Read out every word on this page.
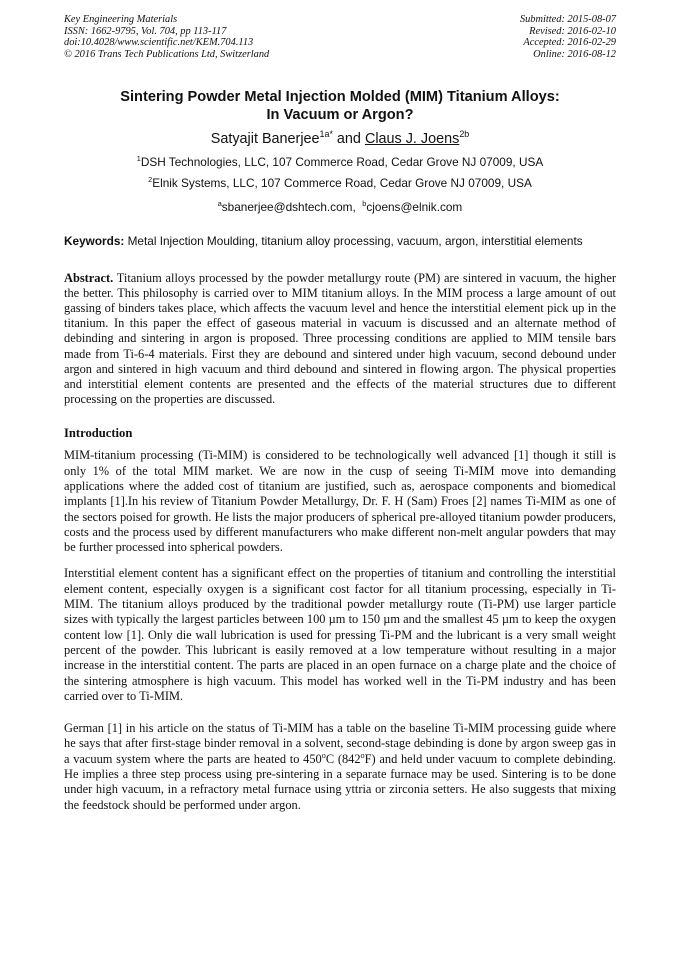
Key Engineering Materials
ISSN: 1662-9795, Vol. 704, pp 113-117
doi:10.4028/www.scientific.net/KEM.704.113
© 2016 Trans Tech Publications Ltd, Switzerland
Submitted: 2015-08-07
Revised: 2016-02-10
Accepted: 2016-02-29
Online: 2016-08-12
Sintering Powder Metal Injection Molded (MIM) Titanium Alloys:
In Vacuum or Argon?
Satyajit Banerjee$^{1a*}$ and Claus J. Joens$^{2b}$
$^1$DSH Technologies, LLC, 107 Commerce Road, Cedar Grove NJ 07009, USA
$^2$Elnik Systems, LLC, 107 Commerce Road, Cedar Grove NJ 07009, USA
$^a$sbanerjee@dshtech.com, $^b$cjoens@elnik.com
Keywords: Metal Injection Moulding, titanium alloy processing, vacuum, argon, interstitial elements
Abstract. Titanium alloys processed by the powder metallurgy route (PM) are sintered in vacuum, the higher the better. This philosophy is carried over to MIM titanium alloys. In the MIM process a large amount of out gassing of binders takes place, which affects the vacuum level and hence the interstitial element pick up in the titanium. In this paper the effect of gaseous material in vacuum is discussed and an alternate method of debinding and sintering in argon is proposed. Three processing conditions are applied to MIM tensile bars made from Ti-6-4 materials. First they are debound and sintered under high vacuum, second debound under argon and sintered in high vacuum and third debound and sintered in flowing argon. The physical properties and interstitial element contents are presented and the effects of the material structures due to different processing on the properties are discussed.
Introduction
MIM-titanium processing (Ti-MIM) is considered to be technologically well advanced [1] though it still is only 1% of the total MIM market. We are now in the cusp of seeing Ti-MIM move into demanding applications where the added cost of titanium are justified, such as, aerospace components and biomedical implants [1].In his review of Titanium Powder Metallurgy, Dr. F. H (Sam) Froes [2] names Ti-MIM as one of the sectors poised for growth. He lists the major producers of spherical pre-alloyed titanium powder producers, costs and the process used by different manufacturers who make different non-melt angular powders that may be further processed into spherical powders.
Interstitial element content has a significant effect on the properties of titanium and controlling the interstitial element content, especially oxygen is a significant cost factor for all titanium processing, especially in Ti-MIM. The titanium alloys produced by the traditional powder metallurgy route (Ti-PM) use larger particle sizes with typically the largest particles between 100 µm to 150 µm and the smallest 45 µm to keep the oxygen content low [1]. Only die wall lubrication is used for pressing Ti-PM and the lubricant is a very small weight percent of the powder. This lubricant is easily removed at a low temperature without resulting in a major increase in the interstitial content. The parts are placed in an open furnace on a charge plate and the choice of the sintering atmosphere is high vacuum. This model has worked well in the Ti-PM industry and has been carried over to Ti-MIM.
German [1] in his article on the status of Ti-MIM has a table on the baseline Ti-MIM processing guide where he says that after first-stage binder removal in a solvent, second-stage debinding is done by argon sweep gas in a vacuum system where the parts are heated to 450$^o$C (842$^o$F) and held under vacuum to complete debinding. He implies a three step process using pre-sintering in a separate furnace may be used. Sintering is to be done under high vacuum, in a refractory metal furnace using yttria or zirconia setters. He also suggests that mixing the feedstock should be performed under argon.
